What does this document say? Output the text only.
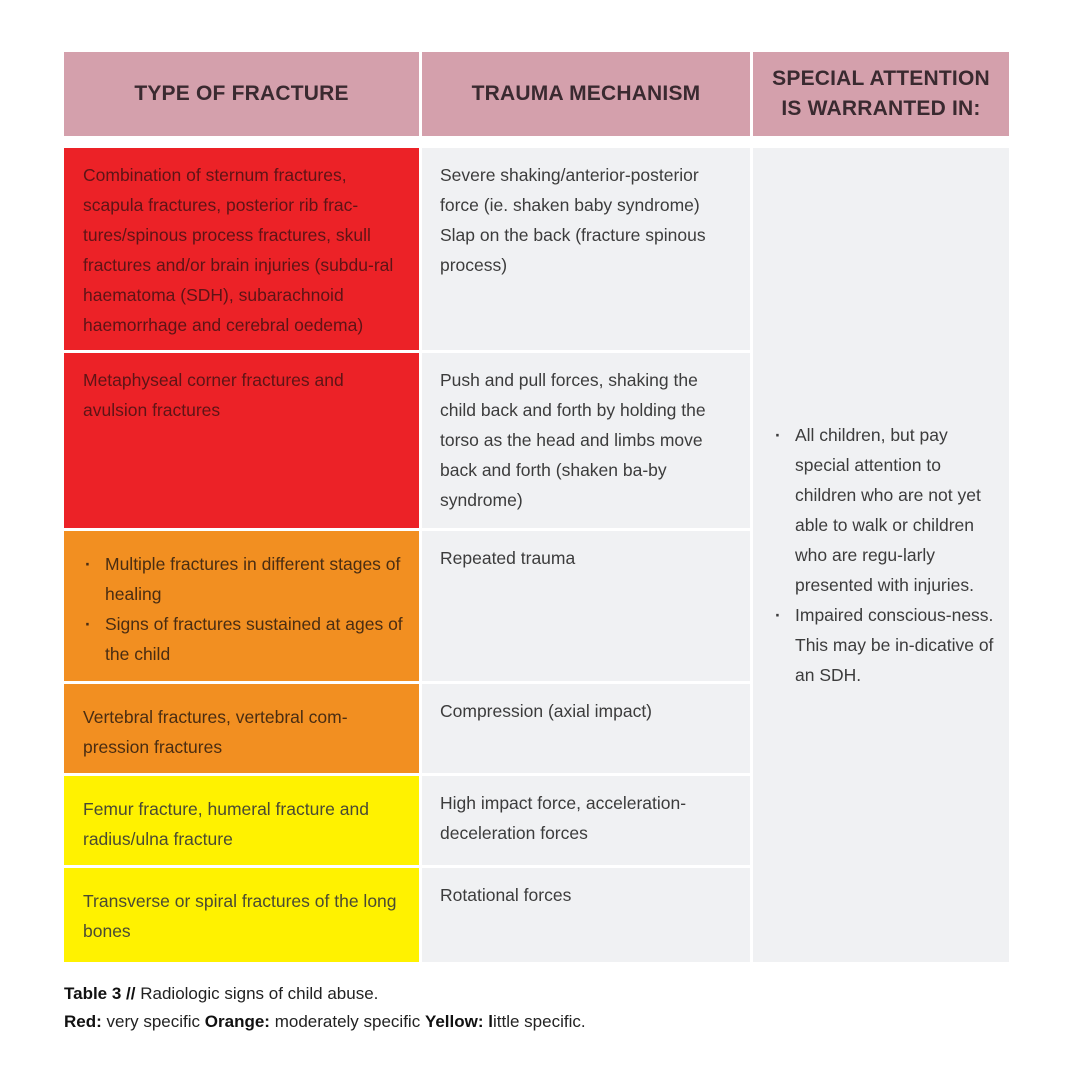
TYPE OF FRACTURE	TRAUMA MECHANISM
SPECIAL ATTENTION
IS WARRANTED IN:
Combination of sternum fractures, scapula fractures, posterior rib frac-tures/spinous process fractures, skull fractures and/or brain injuries (subdu-ral haematoma (SDH), subarachnoid haemorrhage and cerebral oedema)
Severe shaking/anterior-posterior force (ie. shaken baby syndrome) Slap on the back (fracture spinous process)
Metaphyseal corner fractures and avulsion fractures
Push and pull forces, shaking the child back and forth by holding the torso as the head and limbs move back and forth (shaken ba-by syndrome)
· Multiple fractures in different stages of healing
· Signs of fractures sustained at ages of the child
Repeated trauma
Vertebral fractures, vertebral com-pression fractures
Compression (axial impact)
Femur fracture, humeral fracture and radius/ulna fracture
High impact force, acceleration-deceleration forces
Transverse or spiral fractures of the long bones
Rotational forces
· All children, but pay special attention to children who are not yet able to walk or children who are regu-larly presented with injuries.
· Impaired conscious-ness. This may be in-dicative of an SDH.
Table 3 // Radiologic signs of child abuse.
Red: very specific Orange: moderately specific Yellow: little specific.
